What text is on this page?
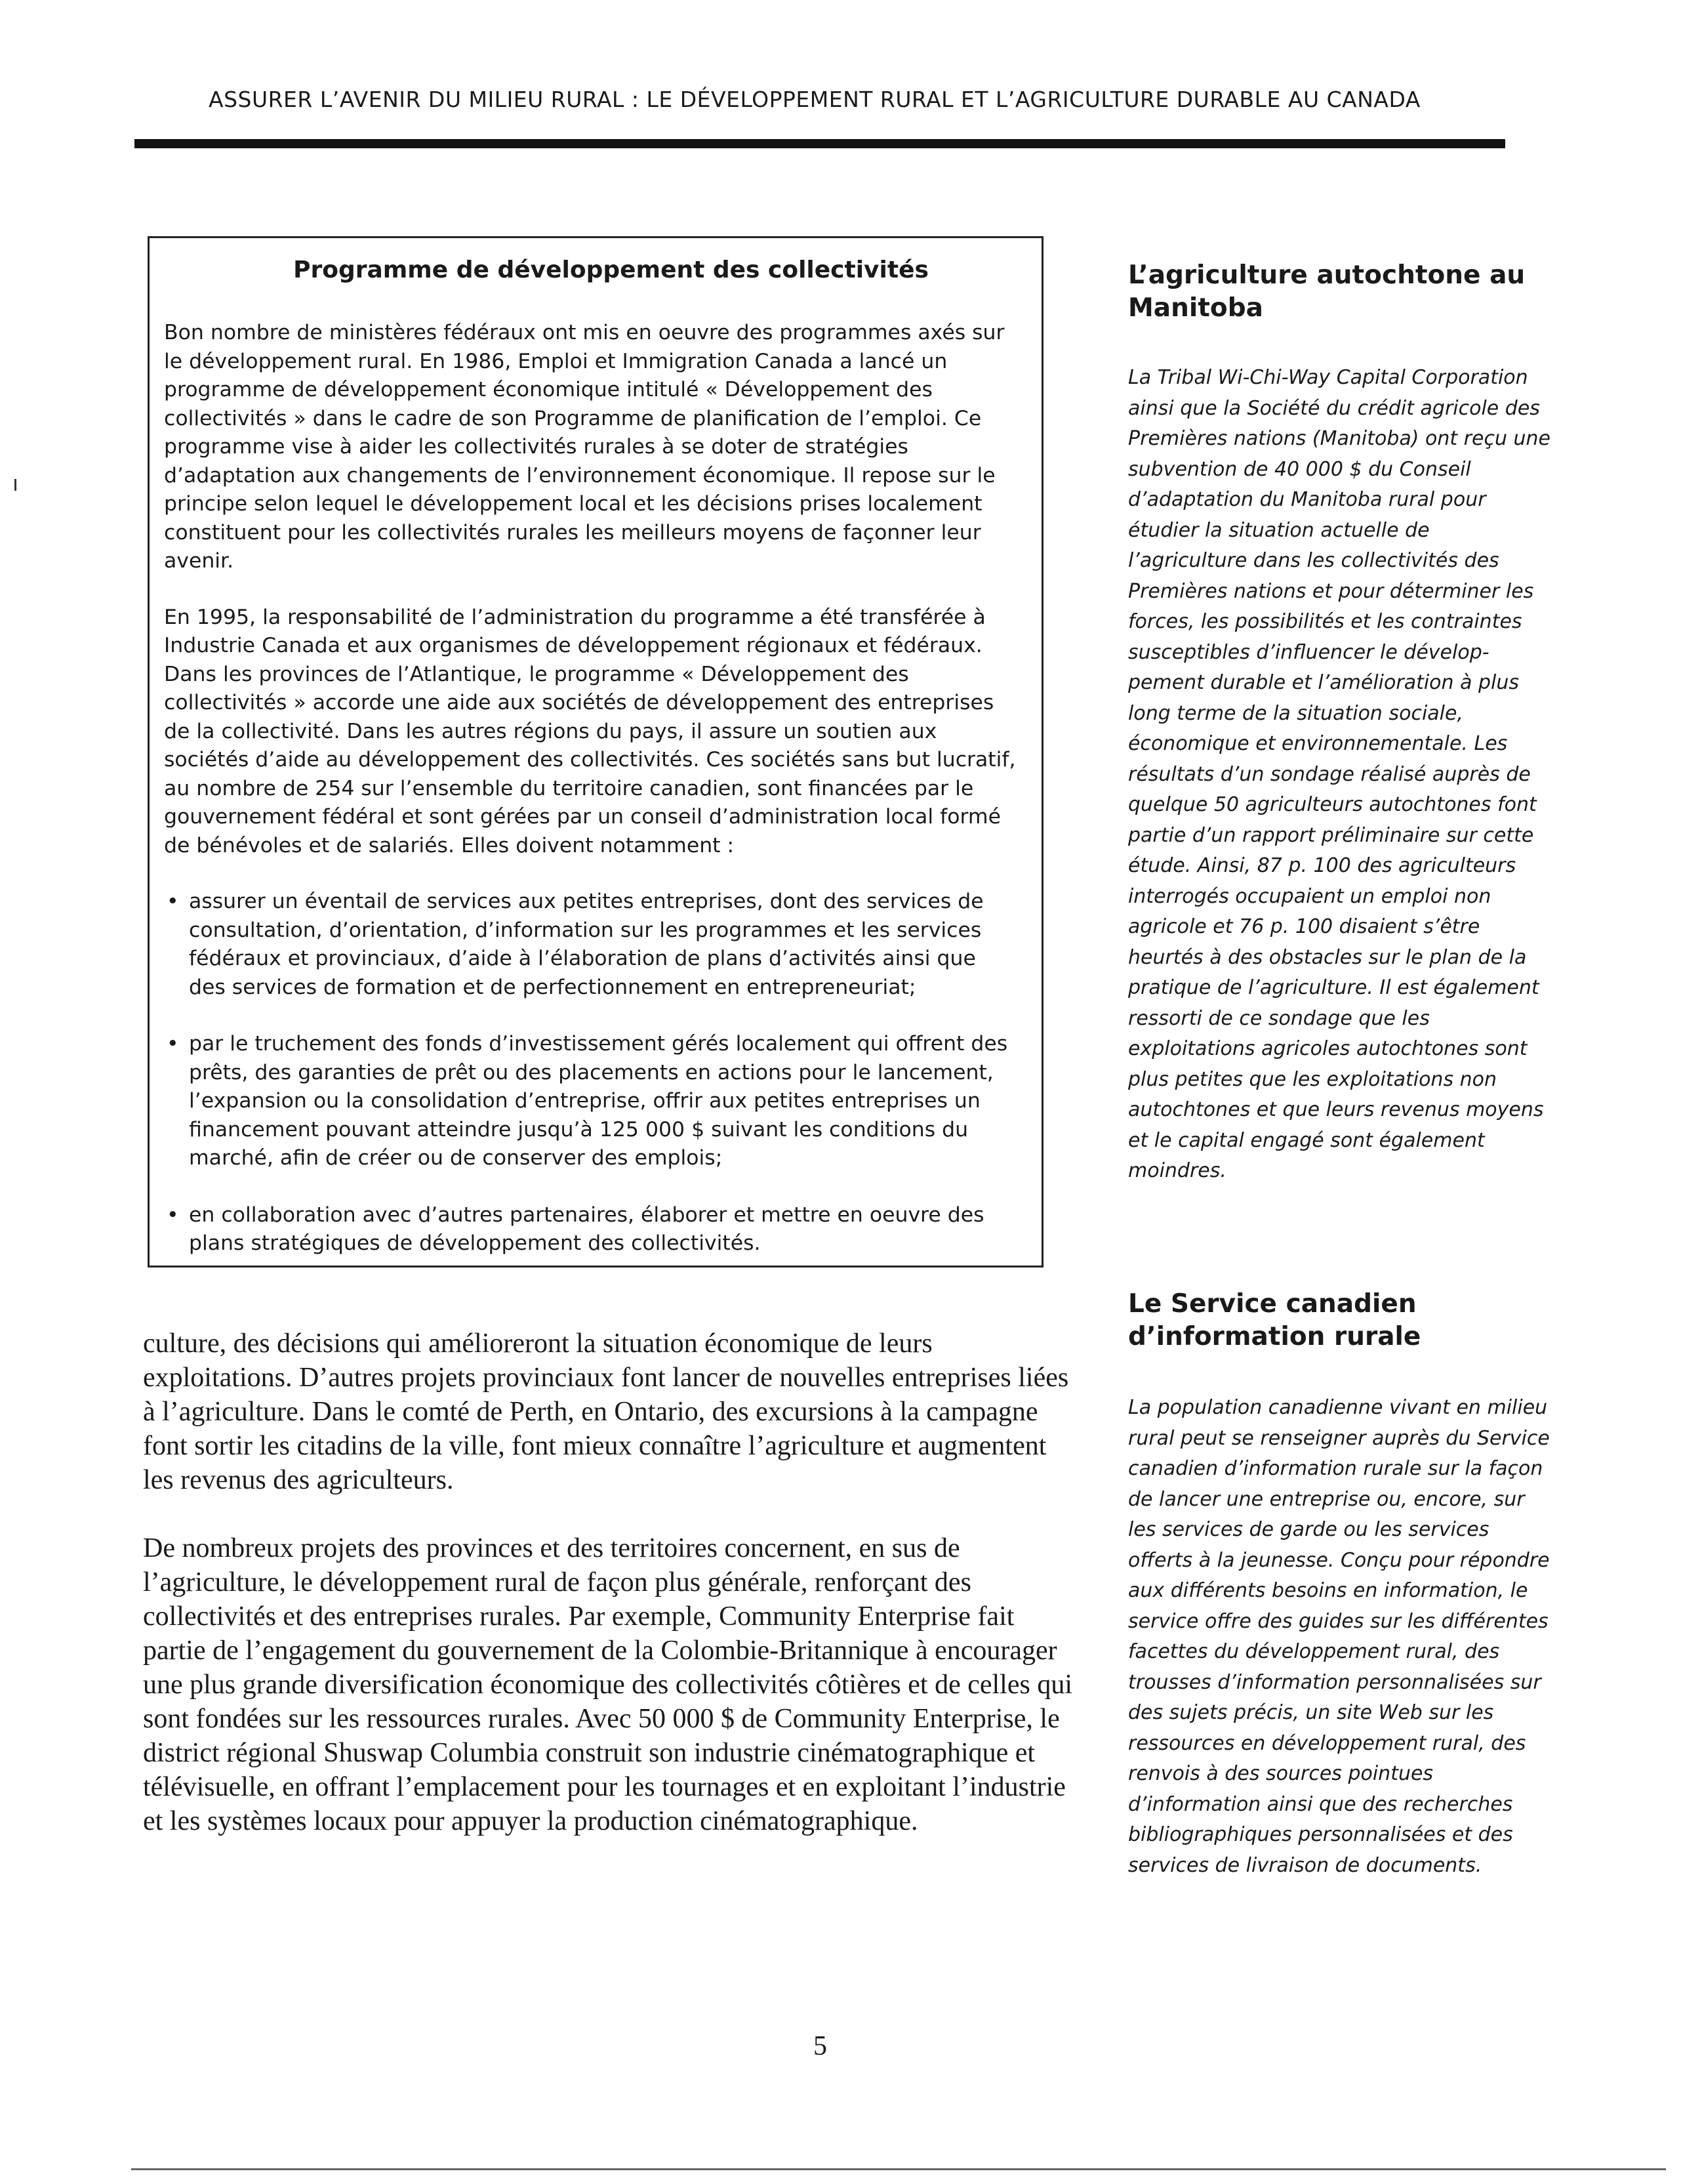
ASSURER L’AVENIR DU MILIEU RURAL : LE DÉVELOPPEMENT RURAL ET L’AGRICULTURE DURABLE AU CANADA
Programme de développement des collectivités

Bon nombre de ministères fédéraux ont mis en oeuvre des programmes axés sur le développement rural. En 1986, Emploi et Immigration Canada a lancé un programme de développement économique intitulé « Développement des collectivités » dans le cadre de son Programme de planification de l’emploi. Ce programme vise à aider les collectivités rurales à se doter de stratégies d’adaptation aux changements de l’environnement économique. Il repose sur le principe selon lequel le développement local et les décisions prises localement constituent pour les collectivités rurales les meilleurs moyens de façonner leur avenir.

En 1995, la responsabilité de l’administration du programme a été transférée à Industrie Canada et aux organismes de développement régionaux et fédéraux. Dans les provinces de l’Atlantique, le programme « Développement des collectivités » accorde une aide aux sociétés de développement des entreprises de la collectivité. Dans les autres régions du pays, il assure un soutien aux sociétés d’aide au développement des collectivités. Ces sociétés sans but lucratif, au nombre de 254 sur l’ensemble du territoire canadien, sont financées par le gouvernement fédéral et sont gérées par un conseil d’administration local formé de bénévoles et de salariés. Elles doivent notamment :

• assurer un éventail de services aux petites entreprises, dont des services de consultation, d’orientation, d’information sur les programmes et les services fédéraux et provinciaux, d’aide à l’élaboration de plans d’activités ainsi que des services de formation et de perfectionnement en entrepreneuriat;
• par le truchement des fonds d’investissement gérés localement qui offrent des prêts, des garanties de prêt ou des placements en actions pour le lancement, l’expansion ou la consolidation d’entreprise, offrir aux petites entreprises un financement pouvant atteindre jusqu’à 125 000 $ suivant les conditions du marché, afin de créer ou de conserver des emplois;
• en collaboration avec d’autres partenaires, élaborer et mettre en oeuvre des plans stratégiques de développement des collectivités.

culture, des décisions qui amélioreront la situation économique de leurs exploitations. D’autres projets provinciaux font lancer de nouvelles entreprises liées à l’agriculture. Dans le comté de Perth, en Ontario, des excursions à la campagne font sortir les citadins de la ville, font mieux connaître l’agriculture et augmentent les revenus des agriculteurs.

De nombreux projets des provinces et des territoires concernent, en sus de l’agriculture, le développement rural de façon plus générale, renforçant des collectivités et des entreprises rurales. Par exemple, Community Enterprise fait partie de l’engagement du gouvernement de la Colombie-Britannique à encourager une plus grande diversification économique des collectivités côtières et de celles qui sont fondées sur les ressources rurales. Avec 50 000 $ de Community Enterprise, le district régional Shuswap Columbia construit son industrie cinématographique et télévisuelle, en offrant l’emplacement pour les tournages et en exploitant l’industrie et les systèmes locaux pour appuyer la production cinématographique.

L’agriculture autochtone au Manitoba
La Tribal Wi-Chi-Way Capital Corporation ainsi que la Société du crédit agricole des Premières nations (Manitoba) ont reçu une subvention de 40 000 $ du Conseil d’adaptation du Manitoba rural pour étudier la situation actuelle de l’agriculture dans les collectivités des Premières nations et pour déterminer les forces, les possibilités et les contraintes susceptibles d’influencer le dévelop-pement durable et l’amélioration à plus long terme de la situation sociale, économique et environnementale. Les résultats d’un sondage réalisé auprès de quelque 50 agriculteurs autochtones font partie d’un rapport préliminaire sur cette étude. Ainsi, 87 p. 100 des agriculteurs interrogés occupaient un emploi non agricole et 76 p. 100 disaient s’être heurtés à des obstacles sur le plan de la pratique de l’agriculture. Il est également ressorti de ce sondage que les exploitations agricoles autochtones sont plus petites que les exploitations non autochtones et que leurs revenus moyens et le capital engagé sont également moindres.
Le Service canadien d’information rurale
La population canadienne vivant en milieu rural peut se renseigner auprès du Service canadien d’information rurale sur la façon de lancer une entreprise ou, encore, sur les services de garde ou les services offerts à la jeunesse. Conçu pour répondre aux différents besoins en information, le service offre des guides sur les différentes facettes du développement rural, des trousses d’information personnalisées sur des sujets précis, un site Web sur les ressources en développement rural, des renvois à des sources pointues d’information ainsi que des recherches bibliographiques personnalisées et des services de livraison de documents.
5
